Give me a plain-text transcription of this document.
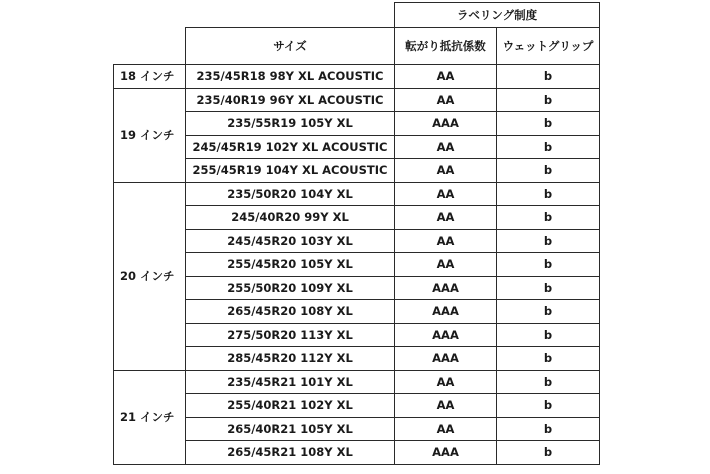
		ラベリング制度	
	サイズ	転がり抵抗係数	ウェットグリップ
18 インチ	235/45R18 98Y XL ACOUSTIC	AA	b
19 インチ	235/40R19 96Y XL ACOUSTIC	AA	b
	235/55R19 105Y XL	AAA	b
	245/45R19 102Y XL ACOUSTIC	AA	b
	255/45R19 104Y XL ACOUSTIC	AA	b
20 インチ	235/50R20 104Y XL	AA	b
	245/40R20 99Y XL	AA	b
	245/45R20 103Y XL	AA	b
	255/45R20 105Y XL	AA	b
	255/50R20 109Y XL	AAA	b
	265/45R20 108Y XL	AAA	b
	275/50R20 113Y XL	AAA	b
	285/45R20 112Y XL	AAA	b
21 インチ	235/45R21 101Y XL	AA	b
	255/40R21 102Y XL	AA	b
	265/40R21 105Y XL	AA	b
	265/45R21 108Y XL	AAA	b
